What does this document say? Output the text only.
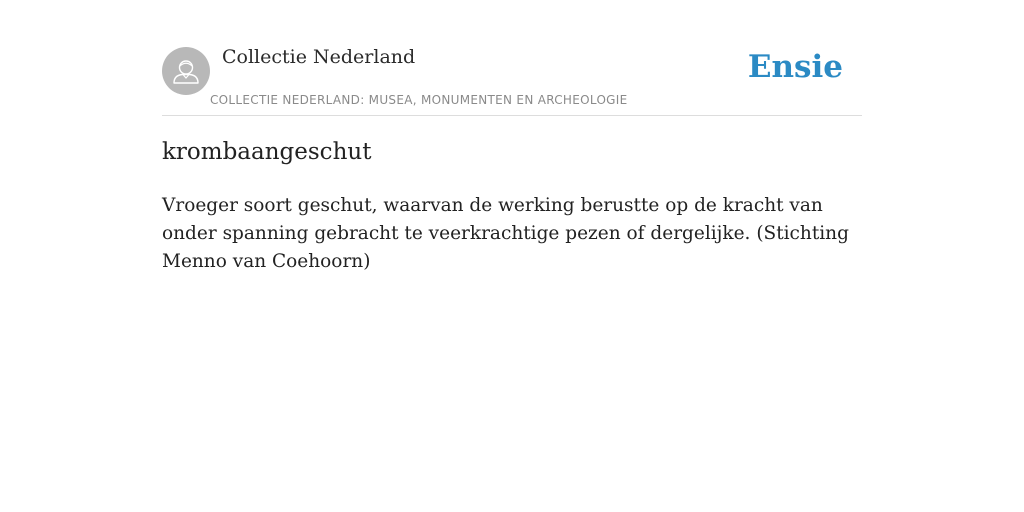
Collectie Nederland
COLLECTIE NEDERLAND: MUSEA, MONUMENTEN EN ARCHEOLOGIE
Ensie
krombaangeschut

Vroeger soort geschut, waarvan de werking berustte op de kracht van onder spanning gebracht te veerkrachtige pezen of dergelijke. (Stichting Menno van Coehoorn)
